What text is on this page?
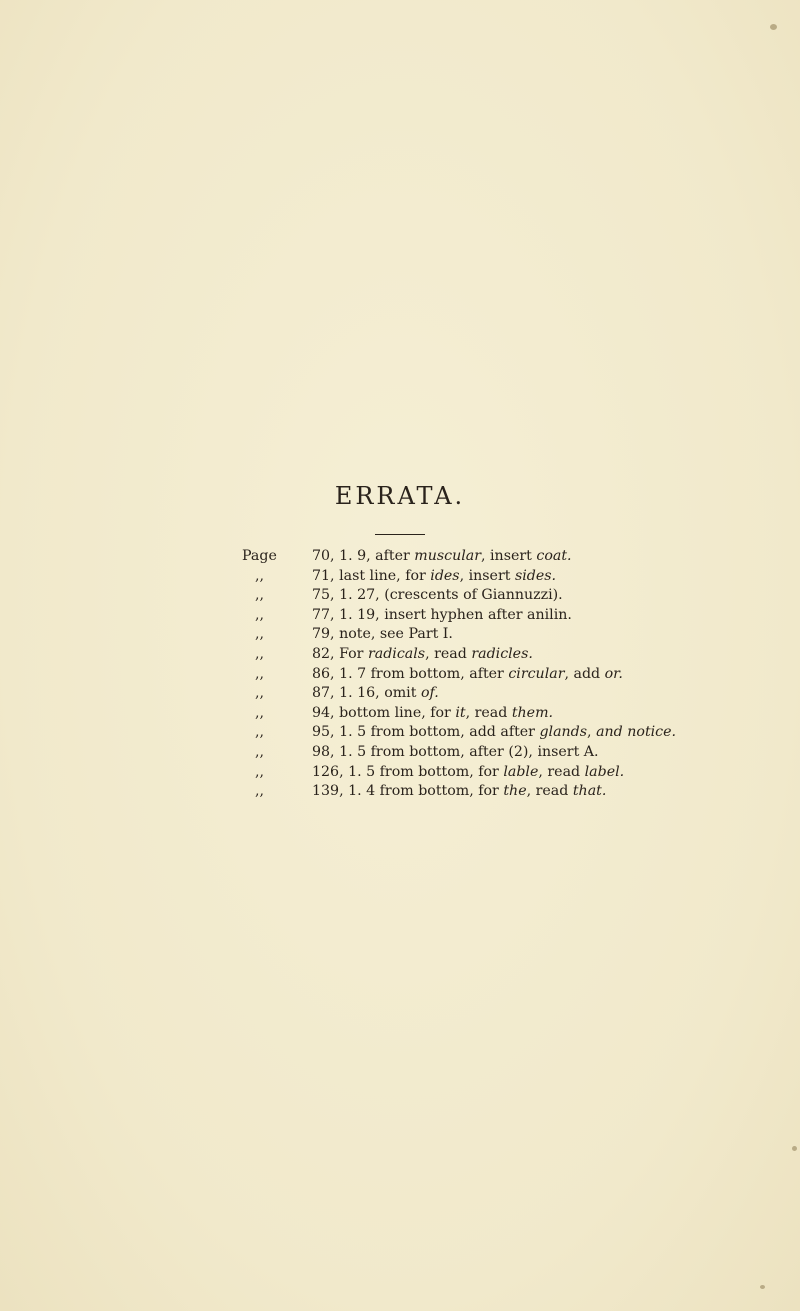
ERRATA.
Page 70, 1. 9, after muscular, insert coat.
,,	71, last line, for ides, insert sides.
,,	75, 1. 27, (crescents of Giannuzzi).
,,	77, 1. 19, insert hyphen after anilin.
,,	79, note, see Part I.
,,	82, For radicals, read radicles.
,,	86, 1. 7 from bottom, after circular, add or.
,,	87, 1. 16, omit of.
,,	94, bottom line, for it, read them.
,,	95, 1. 5 from bottom, add after glands, and notice.
,,	98, 1. 5 from bottom, after (2), insert A.
,,	126, 1. 5 from bottom, for lable, read label.
,,	139, 1. 4 from bottom, for the, read that.
